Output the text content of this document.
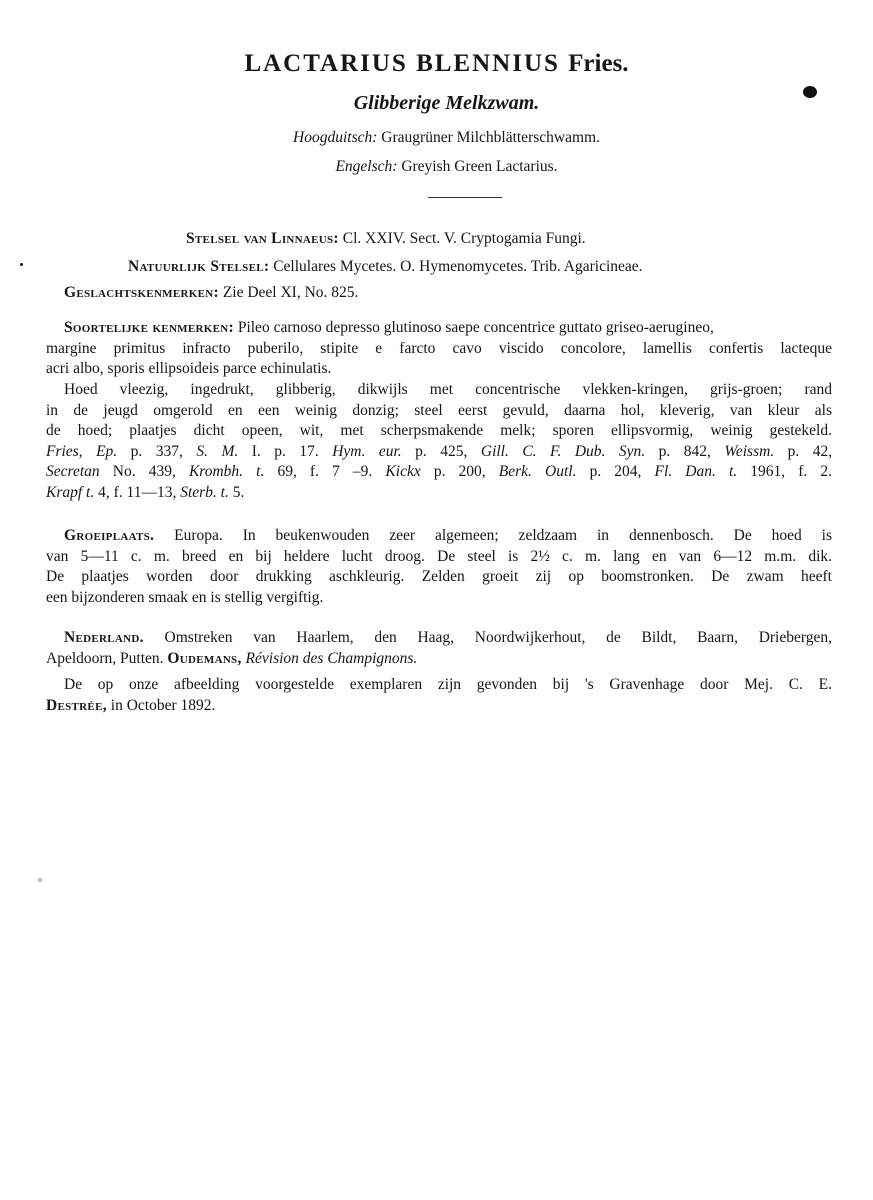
LACTARIUS BLENNIUS Fries.
Glibberige Melkzwam.
Hoogduitsch: Graugrüner Milchblätterschwamm.
Engelsch: Greyish Green Lactarius.
Stelsel van Linnaeus: Cl. XXIV. Sect. V. Cryptogamia Fungi.
Natuurlijk Stelsel: Cellulares Mycetes. O. Hymenomycetes. Trib. Agaricineae.
Geslachtskenmerken: Zie Deel XI, No. 825.
Soortelijke kenmerken: Pileo carnoso depresso glutinoso saepe concentrice guttato griseo-aerugineo,
margine primitus infracto puberilo, stipite e farcto cavo viscido concolore, lamellis confertis lacteque
acri albo, sporis ellipsoideis parce echinulatis.
Hoed vleezig, ingedrukt, glibberig, dikwijls met concentrische vlekken-kringen, grijs-groen; rand
in de jeugd omgerold en een weinig donzig; steel eerst gevuld, daarna hol, kleverig, van kleur als
de hoed; plaatjes dicht opeen, wit, met scherpsmakende melk; sporen ellipsvormig, weinig gestekeld.
Fries, Ep. p. 337, S. M. I. p. 17. Hym. eur. p. 425, Gill. C. F. Dub. Syn. p. 842, Weissm. p. 42,
Secretan No. 439, Krombh. t. 69, f. 7 –9. Kickx p. 200, Berk. Outl. p. 204, Fl. Dan. t. 1961, f. 2.
Krapf t. 4, f. 11—13, Sterb. t. 5.
Groeiplaats. Europa. In beukenwouden zeer algemeen; zeldzaam in dennenbosch. De hoed is
van 5—11 c. m. breed en bij heldere lucht droog. De steel is 2½ c. m. lang en van 6—12 m.m. dik.
De plaatjes worden door drukking aschkleurig. Zelden groeit zij op boomstronken. De zwam heeft
een bijzonderen smaak en is stellig vergiftig.
Nederland. Omstreken van Haarlem, den Haag, Noordwijkerhout, de Bildt, Baarn, Driebergen,
Apeldoorn, Putten. Oudemans, Révision des Champignons.
De op onze afbeelding voorgestelde exemplaren zijn gevonden bij 's Gravenhage door Mej. C. E.
Destrée, in October 1892.
